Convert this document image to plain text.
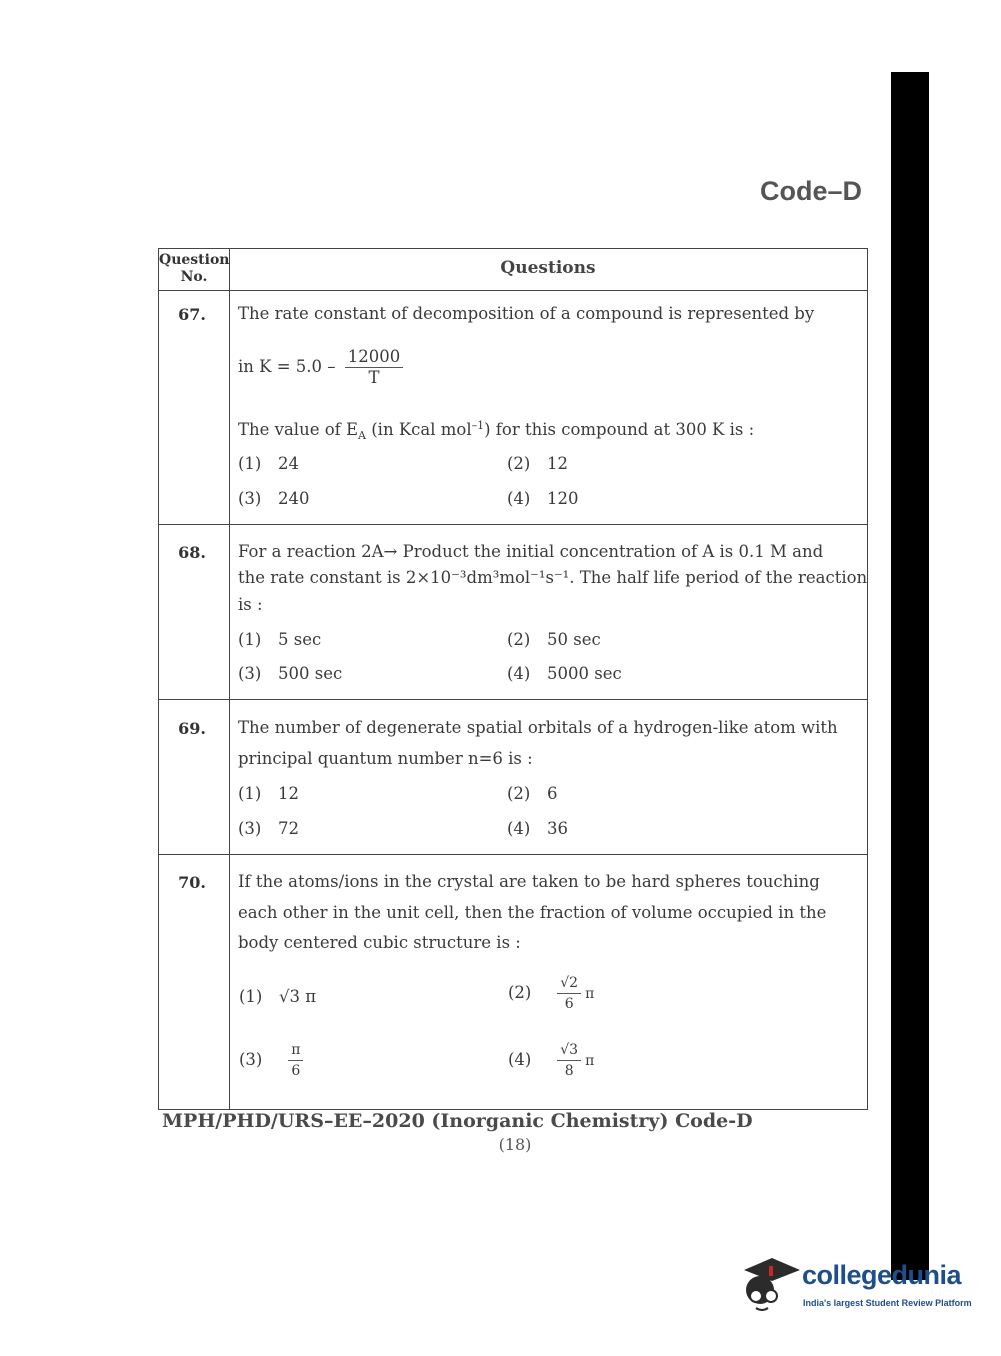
Code–D
Question
No.	Questions
67.	The rate constant of decomposition of a compound is represented by
in $K = 5.0 - \frac{12000}{T}$
The value of $E_A$ (in Kcal mol$^{-1}$) for this compound at 300 K is :
(1) 24	(2) 12
(3) 240	(4) 120
68.	For a reaction 2A→ Product the initial concentration of A is 0.1 M and
the rate constant is 2×10⁻³dm³mol⁻¹s⁻¹. The half life period of the reaction
is :
(1) 5 sec	(2) 50 sec
(3) 500 sec	(4) 5000 sec
69.	The number of degenerate spatial orbitals of a hydrogen-like atom with
principal quantum number n=6 is :
(1) 12	(2) 6
(3) 72	(4) 36
70.	If the atoms/ions in the crystal are taken to be hard spheres touching
each other in the unit cell, then the fraction of volume occupied in the
body centered cubic structure is :
(1) √3 π	$(2) \frac{√2}{6}$ π
$(3) \frac{\pi}{6}$	$(4) \frac{√3}{8}$ π
MPH/PHD/URS–EE–2020 (Inorganic Chemistry) Code-D
(18)
collegedunia
India's largest Student Review Platform
